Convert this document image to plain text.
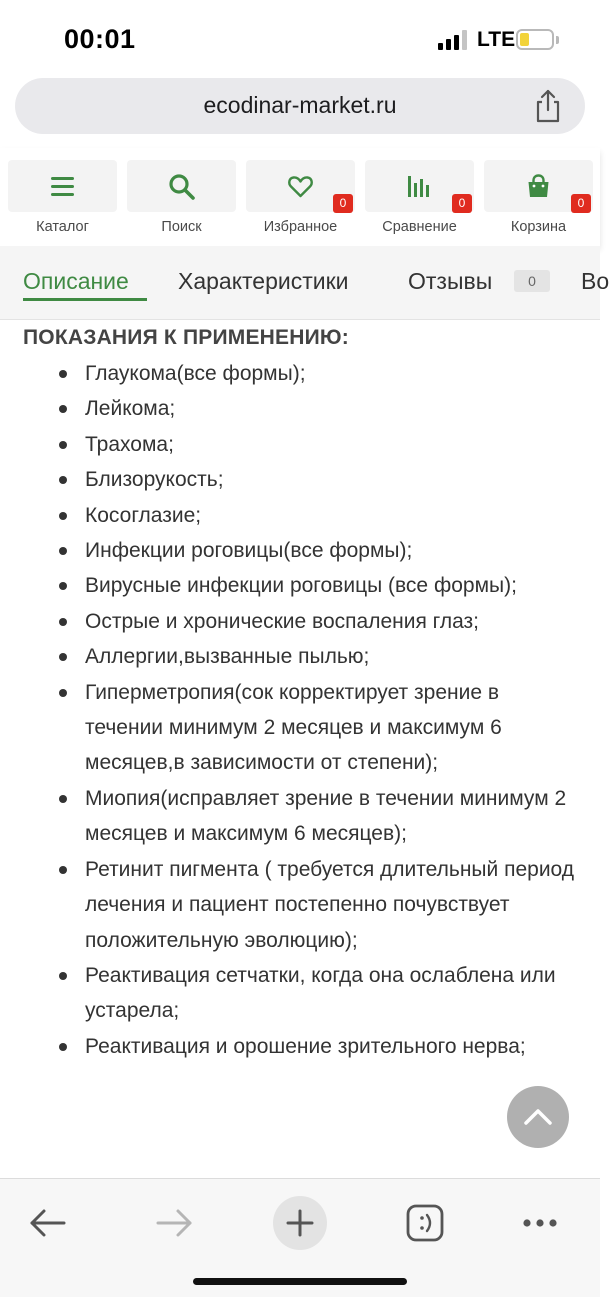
00:01	LTE
ecodinar-market.ru
Каталог	Поиск
0
Избранное
0
Сравнение
0
Корзина
Описание Характеристики	Отзывы	0	Во
ПОКАЗАНИЯ К ПРИМЕНЕНИЮ:
Глаукома(все формы);
Лейкома;
Трахома;
Близорукость;
Косоглазие;
Инфекции роговицы(все формы);
Вирусные инфекции роговицы (все формы);
Острые и хронические воспаления глаз;
Аллергии,вызванные пылью;
Гиперметропия(сок корректирует зрение в течении минимум 2 месяцев и максимум 6 месяцев,в зависимости от степени);
Миопия(исправляет зрение в течении минимум 2 месяцев и максимум 6 месяцев);
Ретинит пигмента ( требуется длительный период лечения и пациент постепенно почувствует положительную эволюцию);
Реактивация сетчатки, когда она ослаблена или устарела;
Реактивация и орошение зрительного нерва;
